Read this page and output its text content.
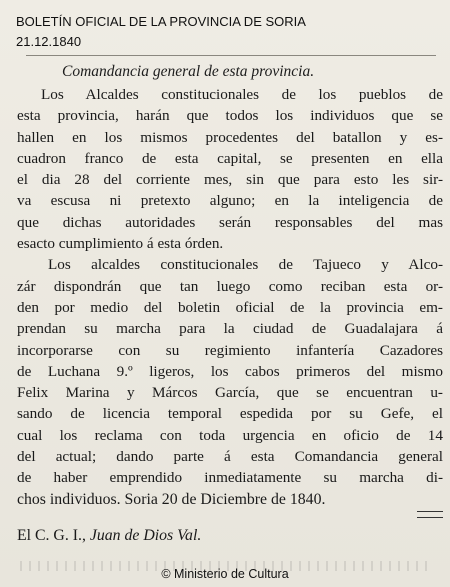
BOLETÍN OFICIAL DE LA PROVINCIA DE SORIA
21.12.1840
Comandancia general de esta provincia.
Los Alcaldes constitucionales de los pueblos de
esta provincia, harán que todos los individuos que se
hallen en los mismos procedentes del batallon y es-
cuadron franco de esta capital, se presenten en ella
el dia 28 del corriente mes, sin que para esto les sir-
va escusa ni pretexto alguno; en la inteligencia de
que dichas autoridades serán responsables del mas
esacto cumplimiento á esta órden.
Los alcaldes constitucionales de Tajueco y Alco-
zár dispondrán que tan luego como reciban esta or-
den por medio del boletin oficial de la provincia em-
prendan su marcha para la ciudad de Guadalajara á
incorporarse con su regimiento infantería Cazadores
de Luchana 9.º ligeros, los cabos primeros del mismo
Felix Marina y Márcos García, que se encuentran u-
sando de licencia temporal espedida por su Gefe, el
cual los reclama con toda urgencia en oficio de 14
del actual; dando parte á esta Comandancia general
de haber emprendido inmediatamente su marcha di-
chos individuos. Soria 20 de Diciembre de 1840.
El C. G. I., Juan de Dios Val.
© Ministerio de Cultura
